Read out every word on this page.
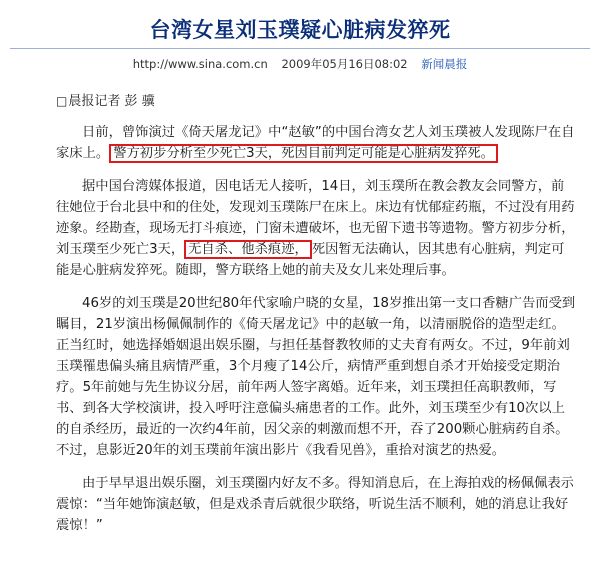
台湾女星刘玉璞疑心脏病发猝死
http://www.sina.com.cn 2009年05月16日08:02 新闻晨报
□晨报记者 彭 骥

日前，曾饰演过《倚天屠龙记》中“赵敏”的中国台湾女艺人刘玉璞被人发现陈尸在自家床上。 警方初步分析至少死亡3天，死因目前判定可能是心脏病发猝死。

据中国台湾媒体报道，因电话无人接听，14日，刘玉璞所在教会教友会同警方，前往她位于台北县中和的住处，发现刘玉璞陈尸在床上。床边有忧郁症药瓶，不过没有用药迹象。经勘查，现场无打斗痕迹，门窗未遭破坏，也无留下遗书等遗物。警方初步分析，刘玉璞至少死亡3天， 无自杀、他杀痕迹， 死因暂无法确认，因其患有心脏病，判定可能是心脏病发猝死。随即，警方联络上她的前夫及女儿来处理后事。

46岁的刘玉璞是20世纪80年代家喻户晓的女星，18岁推出第一支口香糖广告而受到瞩目，21岁演出杨佩佩制作的《倚天屠龙记》中的赵敏一角，以清丽脱俗的造型走红。正当红时，她选择婚姻退出娱乐圈，与担任基督教牧师的丈夫育有两女。不过，9年前刘玉璞罹患偏头痛且病情严重，3个月瘦了14公斤，病情严重到想自杀才开始接受定期治疗。5年前她与先生协议分居，前年两人签字离婚。近年来，刘玉璞担任高职教师，写书、到各大学校演讲，投入呼吁注意偏头痛患者的工作。此外，刘玉璞至少有10次以上的自杀经历，最近的一次约4年前，因父亲的刺激而想不开，吞了200颗心脏病药自杀。不过，息影近20年的刘玉璞前年演出影片《我看见兽》，重拾对演艺的热爱。

由于早早退出娱乐圈，刘玉璞圈内好友不多。得知消息后，在上海拍戏的杨佩佩表示震惊：“当年她饰演赵敏，但是戏杀青后就很少联络，听说生活不顺利，她的消息让我好震惊！”
